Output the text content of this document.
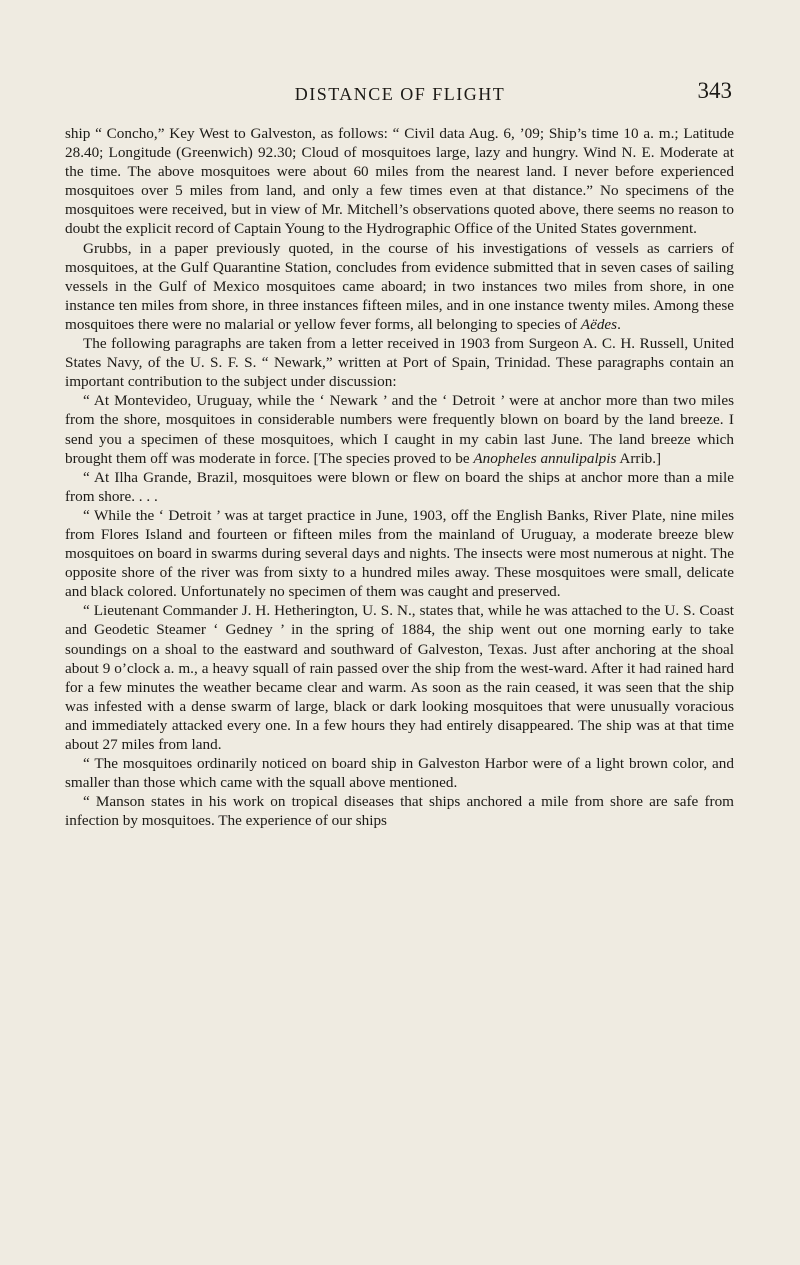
DISTANCE OF FLIGHT	343

ship “ Concho,” Key West to Galveston, as follows: “ Civil data Aug. 6, ’09; Ship’s time 10 a. m.; Latitude 28.40; Longitude (Greenwich) 92.30; Cloud of mosquitoes large, lazy and hungry. Wind N. E. Moderate at the time. The above mosquitoes were about 60 miles from the nearest land. I never before experienced mosquitoes over 5 miles from land, and only a few times even at that distance.” No specimens of the mosquitoes were received, but in view of Mr. Mitchell’s observations quoted above, there seems no reason to doubt the explicit record of Captain Young to the Hydrographic Office of the United States government.

Grubbs, in a paper previously quoted, in the course of his investigations of vessels as carriers of mosquitoes, at the Gulf Quarantine Station, concludes from evidence submitted that in seven cases of sailing vessels in the Gulf of Mexico mosquitoes came aboard; in two instances two miles from shore, in one instance ten miles from shore, in three instances fifteen miles, and in one instance twenty miles. Among these mosquitoes there were no malarial or yellow fever forms, all belonging to species of Aëdes.

The following paragraphs are taken from a letter received in 1903 from Surgeon A. C. H. Russell, United States Navy, of the U. S. F. S. “ Newark,” written at Port of Spain, Trinidad. These paragraphs contain an important contribution to the subject under discussion:

“ At Montevideo, Uruguay, while the ‘ Newark ’ and the ‘ Detroit ’ were at anchor more than two miles from the shore, mosquitoes in considerable numbers were frequently blown on board by the land breeze. I send you a specimen of these mosquitoes, which I caught in my cabin last June. The land breeze which brought them off was moderate in force. [The species proved to be Anopheles annulipalpis Arrib.]

“ At Ilha Grande, Brazil, mosquitoes were blown or flew on board the ships at anchor more than a mile from shore. . . .

“ While the ‘ Detroit ’ was at target practice in June, 1903, off the English Banks, River Plate, nine miles from Flores Island and fourteen or fifteen miles from the mainland of Uruguay, a moderate breeze blew mosquitoes on board in swarms during several days and nights. The insects were most numerous at night. The opposite shore of the river was from sixty to a hundred miles away. These mosquitoes were small, delicate and black colored. Unfortunately no specimen of them was caught and preserved.

“ Lieutenant Commander J. H. Hetherington, U. S. N., states that, while he was attached to the U. S. Coast and Geodetic Steamer ‘ Gedney ’ in the spring of 1884, the ship went out one morning early to take soundings on a shoal to the eastward and southward of Galveston, Texas. Just after anchoring at the shoal about 9 o’clock a. m., a heavy squall of rain passed over the ship from the west-ward. After it had rained hard for a few minutes the weather became clear and warm. As soon as the rain ceased, it was seen that the ship was infested with a dense swarm of large, black or dark looking mosquitoes that were unusually voracious and immediately attacked every one. In a few hours they had entirely disappeared. The ship was at that time about 27 miles from land.

“ The mosquitoes ordinarily noticed on board ship in Galveston Harbor were of a light brown color, and smaller than those which came with the squall above mentioned.

“ Manson states in his work on tropical diseases that ships anchored a mile from shore are safe from infection by mosquitoes. The experience of our ships
